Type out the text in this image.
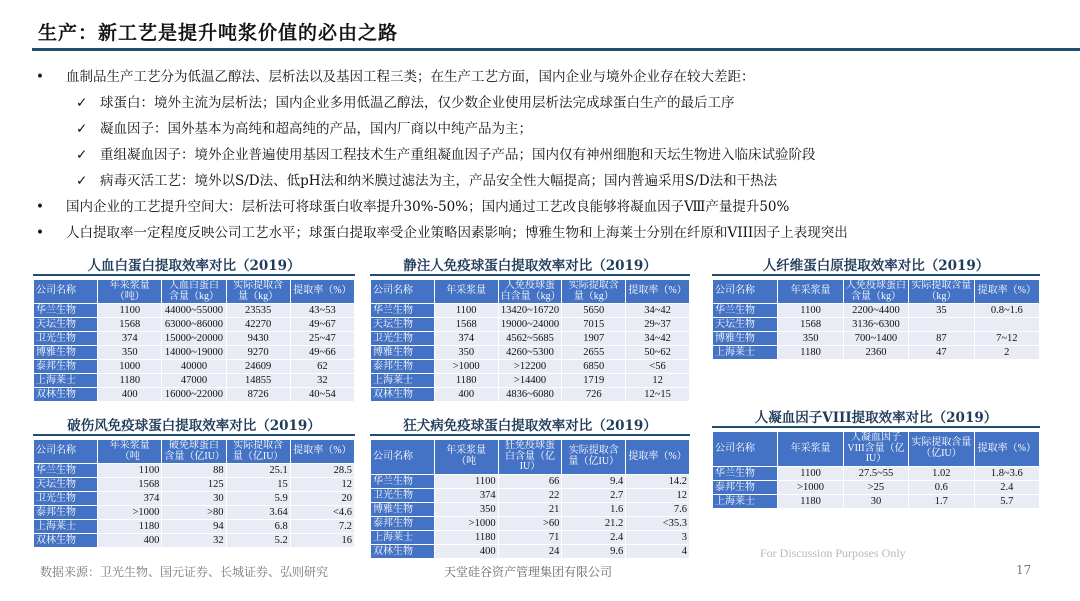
生产：新工艺是提升吨浆价值的必由之路
• 血制品生产工艺分为低温乙醇法、层析法以及基因工程三类；在生产工艺方面，国内企业与境外企业存在较大差距：
✓ 球蛋白：境外主流为层析法；国内企业多用低温乙醇法，仅少数企业使用层析法完成球蛋白生产的最后工序
✓ 凝血因子：国外基本为高纯和超高纯的产品，国内厂商以中纯产品为主；
✓ 重组凝血因子：境外企业普遍使用基因工程技术生产重组凝血因子产品；国内仅有神州细胞和天坛生物进入临床试验阶段
✓ 病毒灭活工艺：境外以S/D法、低pH法和纳米膜过滤法为主，产品安全性大幅提高；国内普遍采用S/D法和干热法
• 国内企业的工艺提升空间大：层析法可将球蛋白收率提升30%-50%；国内通过工艺改良能够将凝血因子Ⅷ产量提升50%
• 人白提取率一定程度反映公司工艺水平；球蛋白提取率受企业策略因素影响；博雅生物和上海莱士分别在纤原和VIII因子上表现突出
人血白蛋白提取效率对比（2019）
公司名称	年采浆量（吨）	人血白蛋白含量（kg）	实际提取含量（kg）	提取率（%）
华兰生物	1100	44000~55000	23535	43~53
天坛生物	1568	63000~86000	42270	49~67
卫光生物	374	15000~20000	9430	25~47
博雅生物	350	14000~19000	9270	49~66
泰邦生物	1000	40000	24609	62
上海莱士	1180	47000	14855	32
双林生物	400	16000~22000	8726	40~54
静注人免疫球蛋白提取效率对比（2019）
公司名称	年采浆量	人免疫球蛋白含量（kg）	实际提取含量（kg）	提取率（%）
华兰生物	1100	13420~16720	5650	34~42
天坛生物	1568	19000~24000	7015	29~37
卫光生物	374	4562~5685	1907	34~42
博雅生物	350	4260~5300	2655	50~62
泰邦生物	>1000	>12200	6850	<56
上海莱士	1180	>14400	1719	12
双林生物	400	4836~6080	726	12~15
人纤维蛋白原提取效率对比（2019）
公司名称	年采浆量	人免疫球蛋白含量（kg）	实际提取含量（kg）	提取率（%）
华兰生物	1100	2200~4400	35	0.8~1.6
天坛生物	1568	3136~6300		
博雅生物	350	700~1400	87	7~12
上海莱士	1180	2360	47	2
破伤风免疫球蛋白提取效率对比（2019）
公司名称	年采浆量（吨	破免球蛋白含量（亿IU）	实际提取含量（亿IU）	提取率（%）
华兰生物	1100	88	25.1	28.5
天坛生物	1568	125	15	12
卫光生物	374	30	5.9	20
泰邦生物	>1000	>80	3.64	<4.6
上海莱士	1180	94	6.8	7.2
双林生物	400	32	5.2	16
狂犬病免疫球蛋白提取效率对比（2019）
公司名称	年采浆量（吨	狂免疫球蛋白含量（亿IU）	实际提取含量（亿IU）	提取率（%）
华兰生物	1100	66	9.4	14.2
卫光生物	374	22	2.7	12
博雅生物	350	21	1.6	7.6
泰邦生物	>1000	>60	21.2	<35.3
上海莱士	1180	71	2.4	3
双林生物	400	24	9.6	4
人凝血因子VIII提取效率对比（2019）
公司名称	年采浆量	人凝血因子VIII含量（亿IU）	实际提取含量（亿IU）	提取率（%）
华兰生物	1100	27.5~55	1.02	1.8~3.6
泰邦生物	>1000	>25	0.6	2.4
上海莱士	1180	30	1.7	5.7
For Discussion Purposes Only
数据来源：卫光生物、国元证券、长城证券、弘则研究	天堂硅谷资产管理集团有限公司	17
